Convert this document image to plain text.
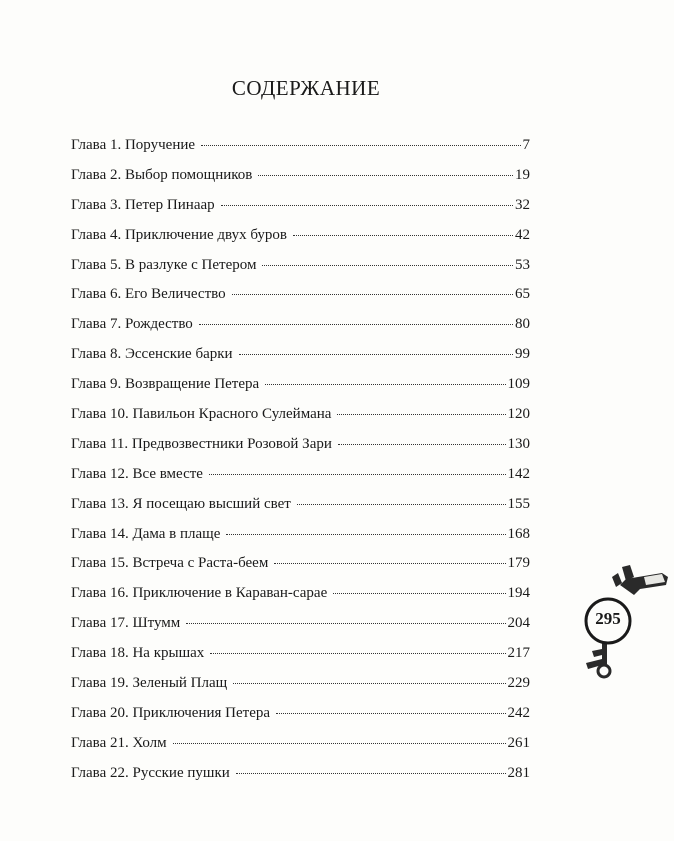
СОДЕРЖАНИЕ
Глава 1. Поручение	7
Глава 2. Выбор помощников	19
Глава 3. Петер Пинаар	32
Глава 4. Приключение двух буров	42
Глава 5. В разлуке с Петером	53
Глава 6. Его Величество	65
Глава 7. Рождество	80
Глава 8. Эссенские барки	99
Глава 9. Возвращение Петера	109
Глава 10. Павильон Красного Сулеймана	120
Глава 11. Предвозвестники Розовой Зари	130
Глава 12. Все вместе	142
Глава 13. Я посещаю высший свет	155
Глава 14. Дама в плаще	168
Глава 15. Встреча с Раста-беем	179
Глава 16. Приключение в Караван-сарае	194
Глава 17. Штумм	204
Глава 18. На крышах	217
Глава 19. Зеленый Плащ	229
Глава 20. Приключения Петера	242
Глава 21. Холм	261
Глава 22. Русские пушки	281
295
